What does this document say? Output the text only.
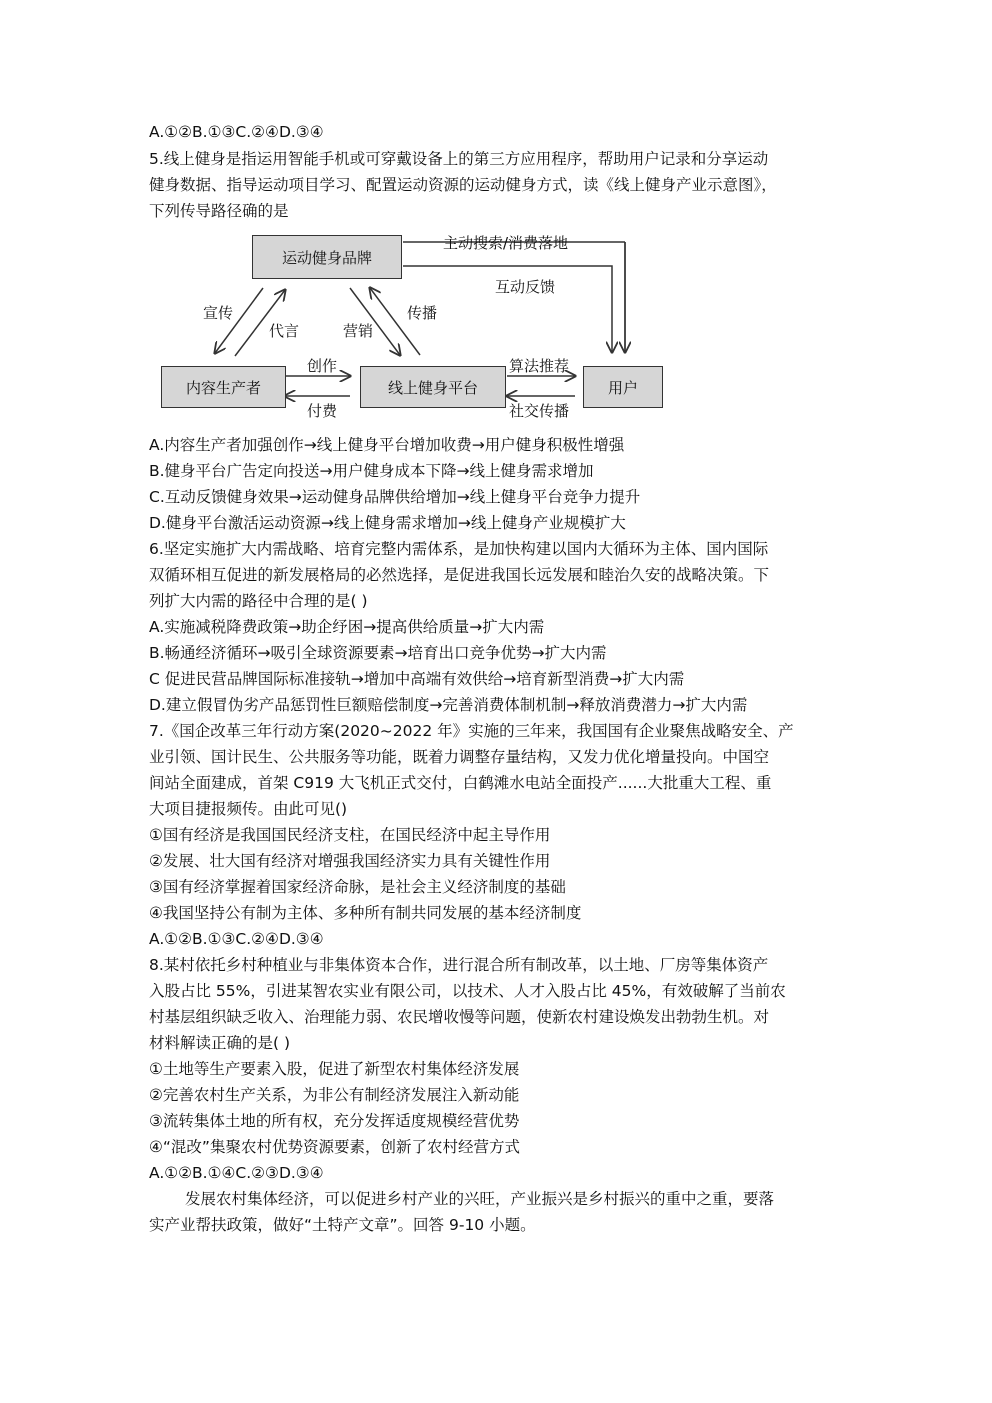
A.①②B.①③C.②④D.③④
5.线上健身是指运用智能手机或可穿戴设备上的第三方应用程序，帮助用户记录和分享运动
健身数据、指导运动项目学习、配置运动资源的运动健身方式，读《线上健身产业示意图》，
下列传导路径确的是
运动健身品牌
内容生产者	线上健身平台	用户
主动搜索/消费落地
互动反馈
宣传
代言	营销
传播
创作
付费
算法推荐
社交传播
A.内容生产者加强创作→线上健身平台增加收费→用户健身积极性增强
B.健身平台广告定向投送→用户健身成本下降→线上健身需求增加
C.互动反馈健身效果→运动健身品牌供给增加→线上健身平台竞争力提升
D.健身平台激活运动资源→线上健身需求增加→线上健身产业规模扩大
6.坚定实施扩大内需战略、培育完整内需体系，是加快构建以国内大循环为主体、国内国际
双循环相互促进的新发展格局的必然选择，是促进我国长远发展和睦治久安的战略决策。下
列扩大内需的路径中合理的是( )
A.实施减税降费政策→助企纾困→提高供给质量→扩大内需
B.畅通经济循环→吸引全球资源要素→培育出口竞争优势→扩大内需
C 促进民营品牌国际标准接轨→增加中高端有效供给→培育新型消费→扩大内需
D.建立假冒伪劣产品惩罚性巨额赔偿制度→完善消费体制机制→释放消费潜力→扩大内需
7.《国企改革三年行动方案(2020~2022 年》实施的三年来，我国国有企业聚焦战略安全、产
业引领、国计民生、公共服务等功能，既着力调整存量结构，又发力优化增量投向。中国空
间站全面建成，首架 C919 大飞机正式交付，白鹤滩水电站全面投产......大批重大工程、重
大项目捷报频传。由此可见()
①国有经济是我国国民经济支柱，在国民经济中起主导作用
②发展、壮大国有经济对增强我国经济实力具有关键性作用
③国有经济掌握着国家经济命脉，是社会主义经济制度的基础
④我国坚持公有制为主体、多种所有制共同发展的基本经济制度
A.①②B.①③C.②④D.③④
8.某村依托乡村种植业与非集体资本合作，进行混合所有制改革，以土地、厂房等集体资产
入股占比 55%，引进某智农实业有限公司，以技术、人才入股占比 45%，有效破解了当前农
村基层组织缺乏收入、治理能力弱、农民增收慢等问题，使新农村建设焕发出勃勃生机。对
材料解读正确的是( )
①土地等生产要素入股，促进了新型农村集体经济发展
②完善农村生产关系，为非公有制经济发展注入新动能
③流转集体土地的所有权，充分发挥适度规模经营优势
④“混改”集聚农村优势资源要素，创新了农村经营方式
A.①②B.①④C.②③D.③④
发展农村集体经济，可以促进乡村产业的兴旺，产业振兴是乡村振兴的重中之重，要落
实产业帮扶政策，做好“土特产文章”。回答 9-10 小题。
